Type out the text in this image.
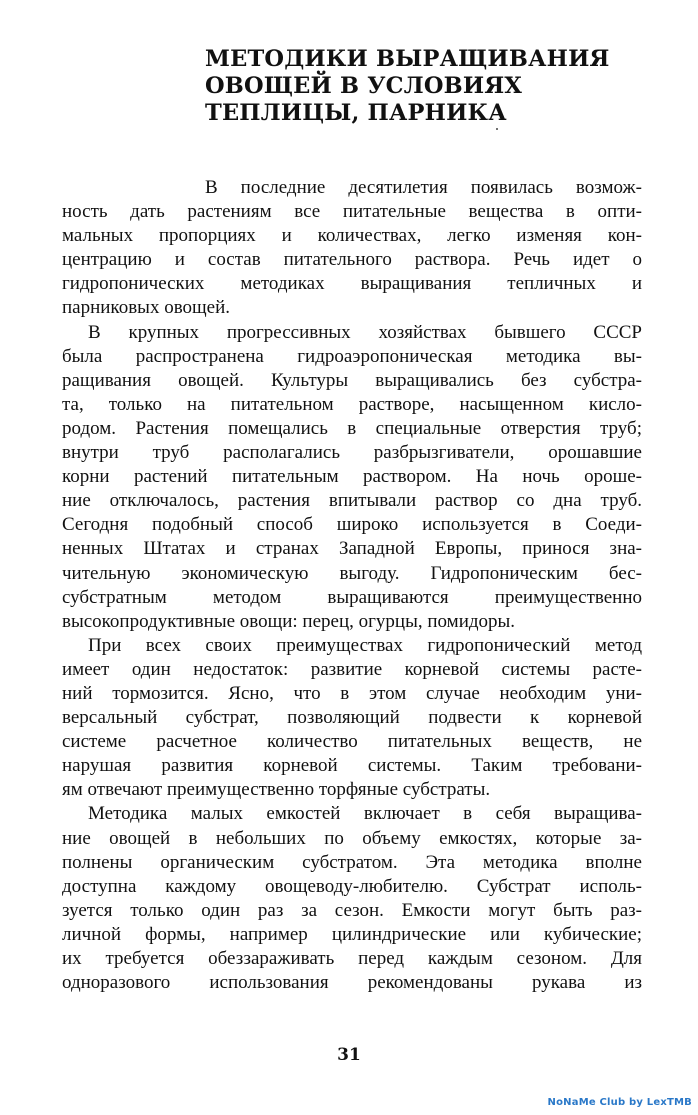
МЕТОДИКИ ВЫРАЩИВАНИЯ
ОВОЩЕЙ В УСЛОВИЯХ
ТЕПЛИЦЫ, ПАРНИКА
В последние десятилетия появилась возмож-
ность дать растениям все питательные вещества в опти-
мальных пропорциях и количествах, легко изменяя кон-
центрацию и состав питательного раствора. Речь идет о
гидропонических методиках выращивания тепличных и
парниковых овощей.
В крупных прогрессивных хозяйствах бывшего СССР
была распространена гидроаэропоническая методика вы-
ращивания овощей. Культуры выращивались без субстра-
та, только на питательном растворе, насыщенном кисло-
родом. Растения помещались в специальные отверстия труб;
внутри труб располагались разбрызгиватели, орошавшие
корни растений питательным раствором. На ночь ороше-
ние отключалось, растения впитывали раствор со дна труб.
Сегодня подобный способ широко используется в Соеди-
ненных Штатах и странах Западной Европы, принося зна-
чительную экономическую выгоду. Гидропоническим бес-
субстратным методом выращиваются преимущественно
высокопродуктивные овощи: перец, огурцы, помидоры.
При всех своих преимуществах гидропонический метод
имеет один недостаток: развитие корневой системы расте-
ний тормозится. Ясно, что в этом случае необходим уни-
версальный субстрат, позволяющий подвести к корневой
системе расчетное количество питательных веществ, не
нарушая развития корневой системы. Таким требовани-
ям отвечают преимущественно торфяные субстраты.
Методика малых емкостей включает в себя выращива-
ние овощей в небольших по объему емкостях, которые за-
полнены органическим субстратом. Эта методика вполне
доступна каждому овощеводу-любителю. Субстрат исполь-
зуется только один раз за сезон. Емкости могут быть раз-
личной формы, например цилиндрические или кубические;
их требуется обеззараживать перед каждым сезоном. Для
одноразового использования рекомендованы рукава из
31
NoNaMe Club by LexTMB
